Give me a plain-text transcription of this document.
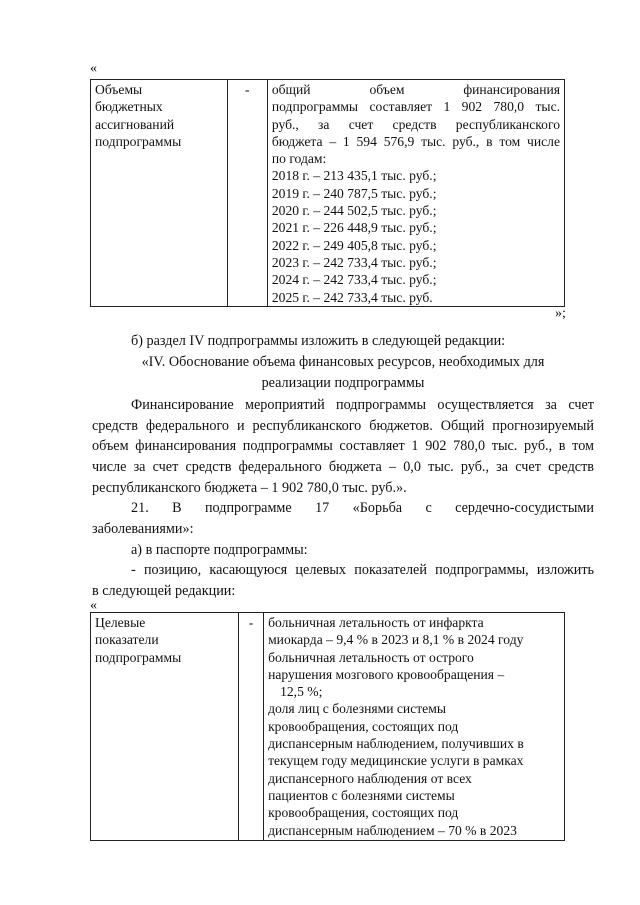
«
Объемы
бюджетных
ассигнований
подпрограммы
	-	общий объем финансирования
подпрограммы составляет 1 902 780,0 тыс.
руб., за счет средств республиканского
бюджета – 1 594 576,9 тыс. руб., в том числе
по годам:
2018 г. – 213 435,1 тыс. руб.;
2019 г. – 240 787,5 тыс. руб.;
2020 г. – 244 502,5 тыс. руб.;
2021 г. – 226 448,9 тыс. руб.;
2022 г. – 249 405,8 тыс. руб.;
2023 г. – 242 733,4 тыс. руб.;
2024 г. – 242 733,4 тыс. руб.;
2025 г. – 242 733,4 тыс. руб.
»;
б) раздел IV подпрограммы изложить в следующей редакции:
«IV. Обоснование объема финансовых ресурсов, необходимых для
реализации подпрограммы
Финансирование мероприятий подпрограммы осуществляется за счет
средств федерального и республиканского бюджетов. Общий прогнозируемый
объем финансирования подпрограммы составляет 1 902 780,0 тыс. руб., в том
числе за счет средств федерального бюджета – 0,0 тыс. руб., за счет средств
республиканского бюджета – 1 902 780,0 тыс. руб.».
21. В подпрограмме 17 «Борьба с сердечно-сосудистыми
заболеваниями»:
а) в паспорте подпрограммы:
- позицию, касающуюся целевых показателей подпрограммы, изложить
в следующей редакции:
«
Целевые
показатели
подпрограммы
	-	больничная летальность от инфаркта
миокарда – 9,4 % в 2023 и 8,1 % в 2024 году
больничная летальность от острого
нарушения мозгового кровообращения –
12,5 %;
доля лиц с болезнями системы
кровообращения, состоящих под
диспансерным наблюдением, получивших в
текущем году медицинские услуги в рамках
диспансерного наблюдения от всех
пациентов с болезнями системы
кровообращения, состоящих под
диспансерным наблюдением – 70 % в 2023
